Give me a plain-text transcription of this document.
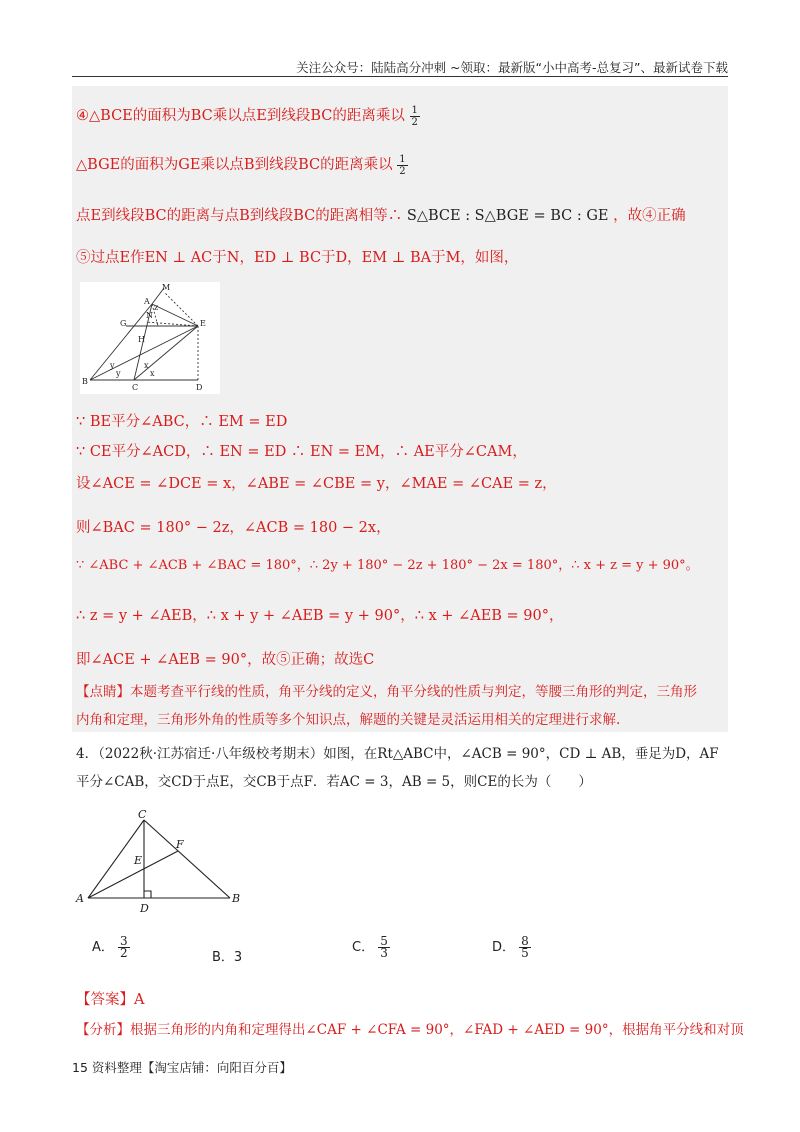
关注公众号：陆陆高分冲刺 ~领取：最新版“小中高考-总复习”、最新试卷下载
④△BCE的面积为BC乘以点E到线段BC的距离乘以 $\frac{1}{2}$
△BGE的面积为GE乘以点B到线段BC的距离乘以 $\frac{1}{2}$
点E到线段BC的距离与点B到线段BC的距离相等∴ S△BCE : S△BGE = BC : GE ，故④正确
⑤过点E作EN ⊥ AC于N，ED ⊥ BC于D，EM ⊥ BA于M，如图，
M
A
G
N
H
E
B
C	D
x
x
y
y
z
∵ BE平分∠ABC，∴ EM = ED
∵ CE平分∠ACD，∴ EN = ED ∴ EN = EM，∴ AE平分∠CAM，
设∠ACE = ∠DCE = x，∠ABE = ∠CBE = y，∠MAE = ∠CAE = z，
则∠BAC = 180° − 2z，∠ACB = 180 − 2x，
∵ ∠ABC + ∠ACB + ∠BAC = 180°，∴ 2y + 180° − 2z + 180° − 2x = 180°，∴ x + z = y + 90°。
∴ z = y + ∠AEB，∴ x + y + ∠AEB = y + 90°，∴ x + ∠AEB = 90°，
即∠ACE + ∠AEB = 90°，故⑤正确；故选C
【点睛】本题考查平行线的性质，角平分线的定义，角平分线的性质与判定，等腰三角形的判定，三角形
内角和定理，三角形外角的性质等多个知识点，解题的关键是灵活运用相关的定理进行求解.
4．（2022秋·江苏宿迁·八年级校考期末）如图，在Rt△ABC中，∠ACB = 90°，CD ⊥ AB，垂足为D，AF
平分∠CAB，交CD于点E，交CB于点F．若AC = 3，AB = 5，则CE的长为（　　）
C
F
E
A
D
B
A． $\frac{3}{2}$	B．3
C． $\frac{5}{3}$	D． $\frac{8}{5}$
【答案】A
【分析】根据三角形的内角和定理得出∠CAF + ∠CFA = 90°，∠FAD + ∠AED = 90°，根据角平分线和对顶
15 资料整理【淘宝店铺：向阳百分百】
